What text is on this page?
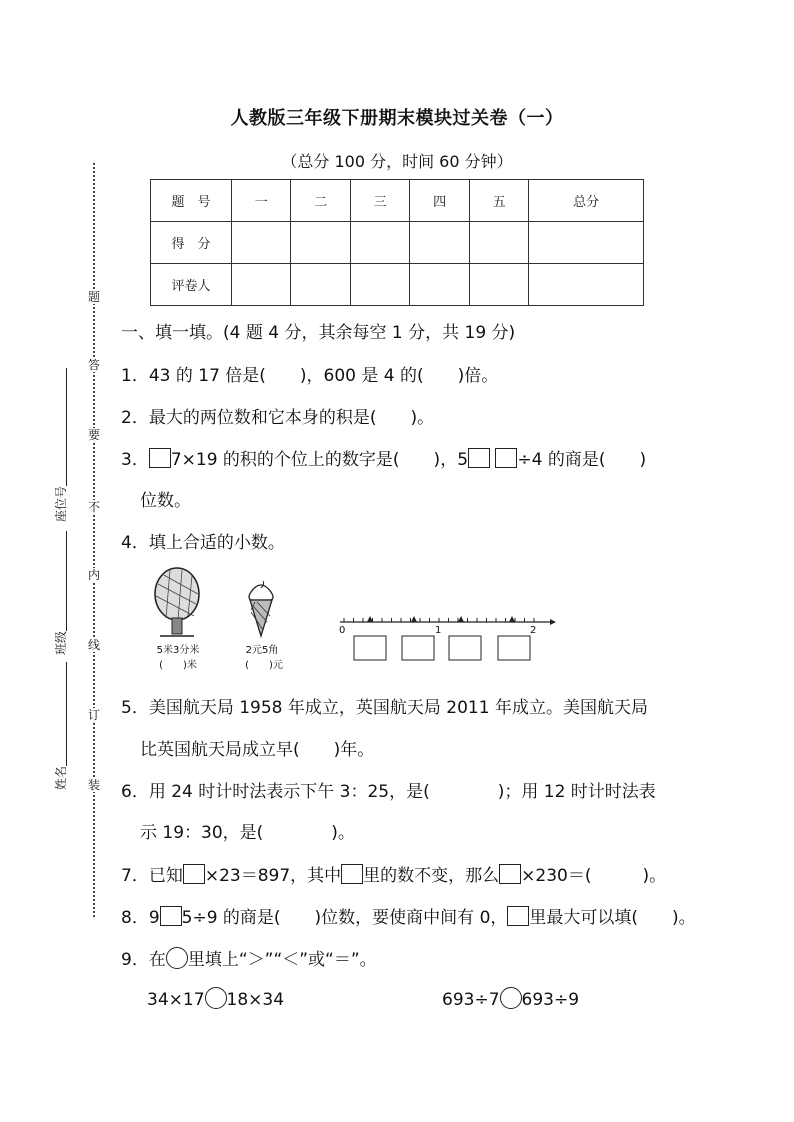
人教版三年级下册期末模块过关卷（一）
（总分 100 分，时间 60 分钟）
题　号	一	二	三	四	五	总分
得　分						
评卷人						
题
答
要
不
内
线
订
装
座位号
班级
姓名
一、填一填。(4 题 4 分，其余每空 1 分，共 19 分)
1．43 的 17 倍是(　　)，600 是 4 的(　　)倍。
2．最大的两位数和它本身的积是(　　)。
3． 7×19 的积的个位上的数字是(　　)，5	÷4 的商是(　　)
位数。
4．填上合适的小数。
5米3分米
(　　)米
2元5角
(　　)元
0	1	2
5．美国航天局 1958 年成立，英国航天局 2011 年成立。美国航天局
比英国航天局成立早(　　)年。
6．用 24 时计时法表示下午 3：25，是(　　　　)；用 12 时计时法表
示 19：30，是(　　　　)。
7．已知 ×23＝897，其中 里的数不变，那么 ×230＝(　　　)。
8．9 5÷9 的商是(　　)位数，要使商中间有 0， 里最大可以填(　　)。
9．在 里填上“＞”“＜”或“＝”。
34×17 18×34	693÷7 693÷9
